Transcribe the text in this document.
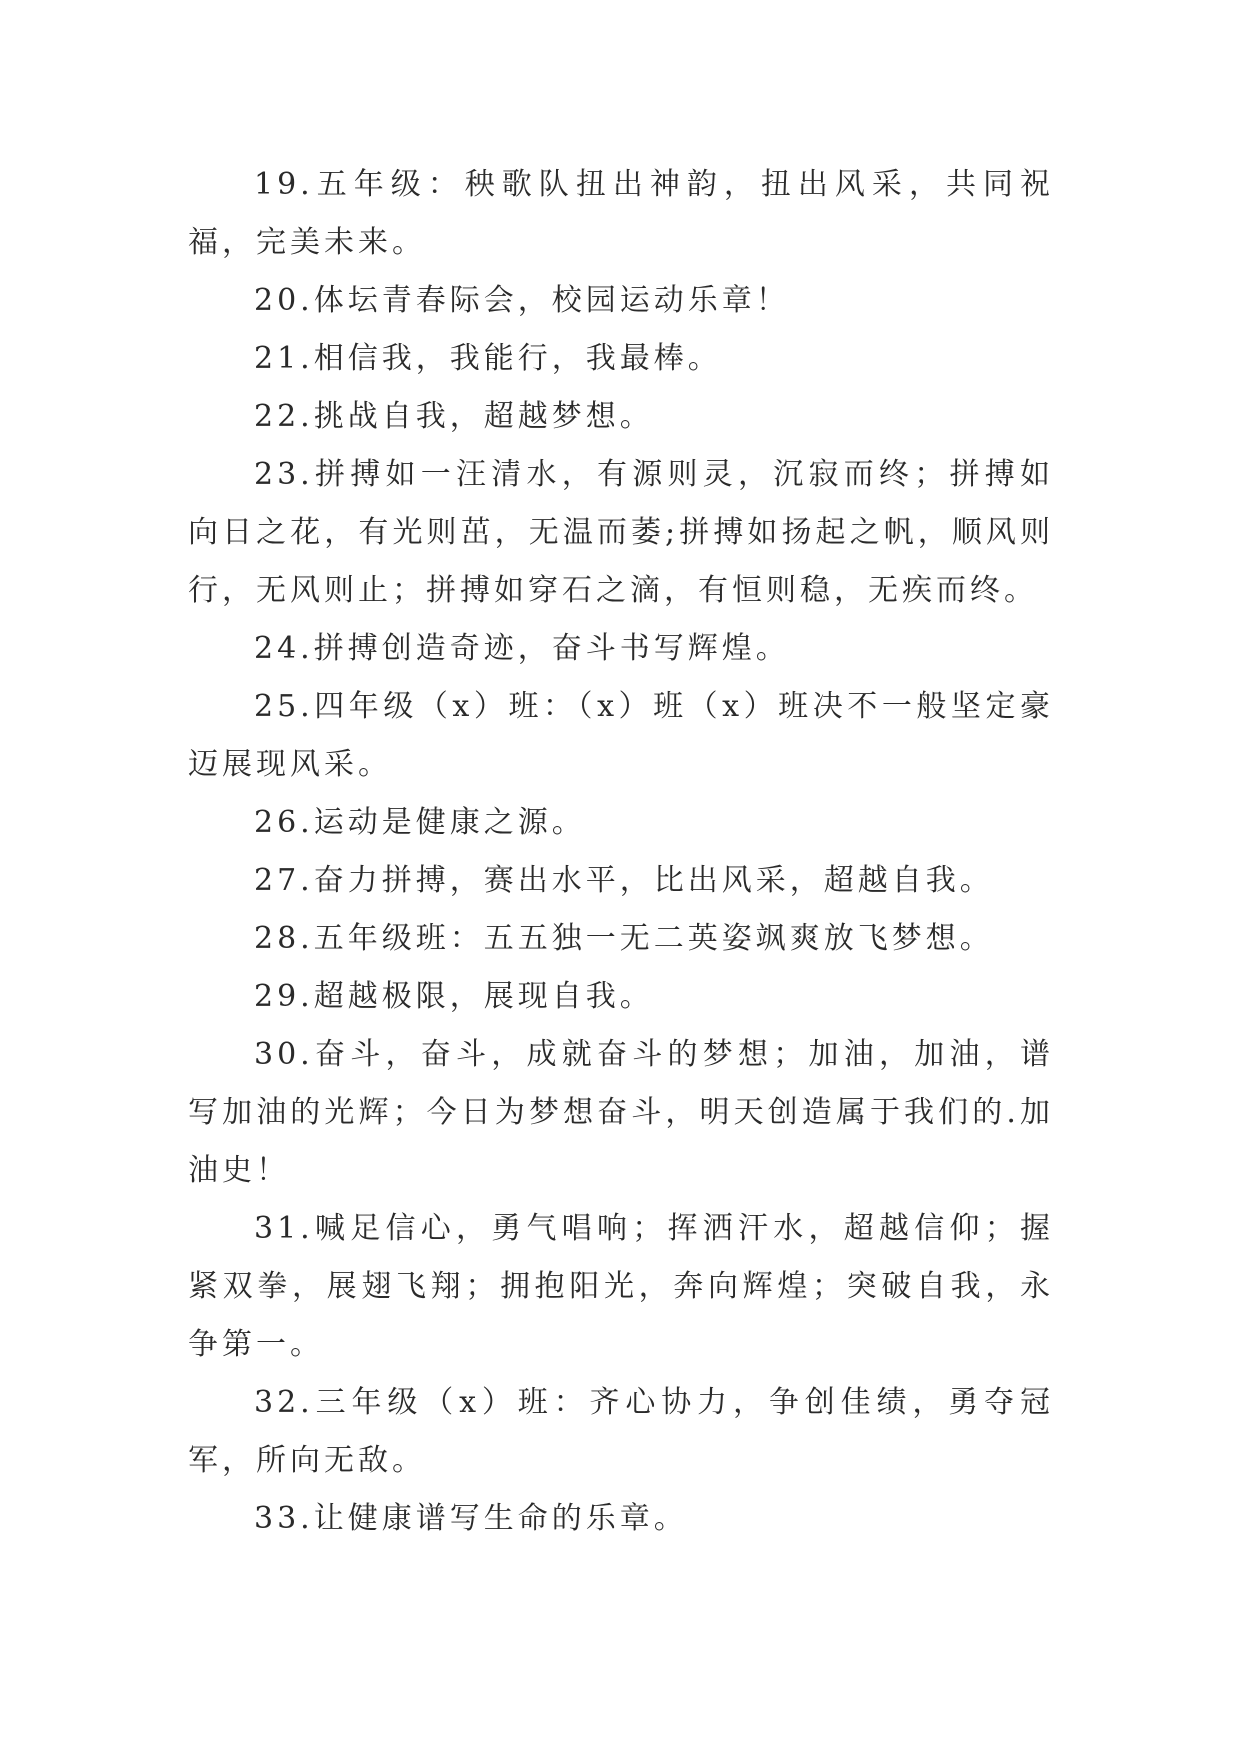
19.五年级：秧歌队扭出神韵，扭出风采，共同祝福，完美未来。

20.体坛青春际会，校园运动乐章！

21.相信我，我能行，我最棒。

22.挑战自我，超越梦想。

23.拼搏如一汪清水，有源则灵，沉寂而终；拼搏如向日之花，有光则茁，无温而萎;拼搏如扬起之帆，顺风则行，无风则止；拼搏如穿石之滴，有恒则稳，无疾而终。

24.拼搏创造奇迹，奋斗书写辉煌。

25.四年级（x）班：（x）班（x）班决不一般坚定豪迈展现风采。

26.运动是健康之源。

27.奋力拼搏，赛出水平，比出风采，超越自我。

28.五年级班：五五独一无二英姿飒爽放飞梦想。

29.超越极限，展现自我。

30.奋斗，奋斗，成就奋斗的梦想；加油，加油，谱写加油的光辉；今日为梦想奋斗，明天创造属于我们的.加油史！

31.喊足信心，勇气唱响；挥洒汗水，超越信仰；握紧双拳，展翅飞翔；拥抱阳光，奔向辉煌；突破自我，永争第一。

32.三年级（x）班：齐心协力，争创佳绩，勇夺冠军，所向无敌。

33.让健康谱写生命的乐章。
